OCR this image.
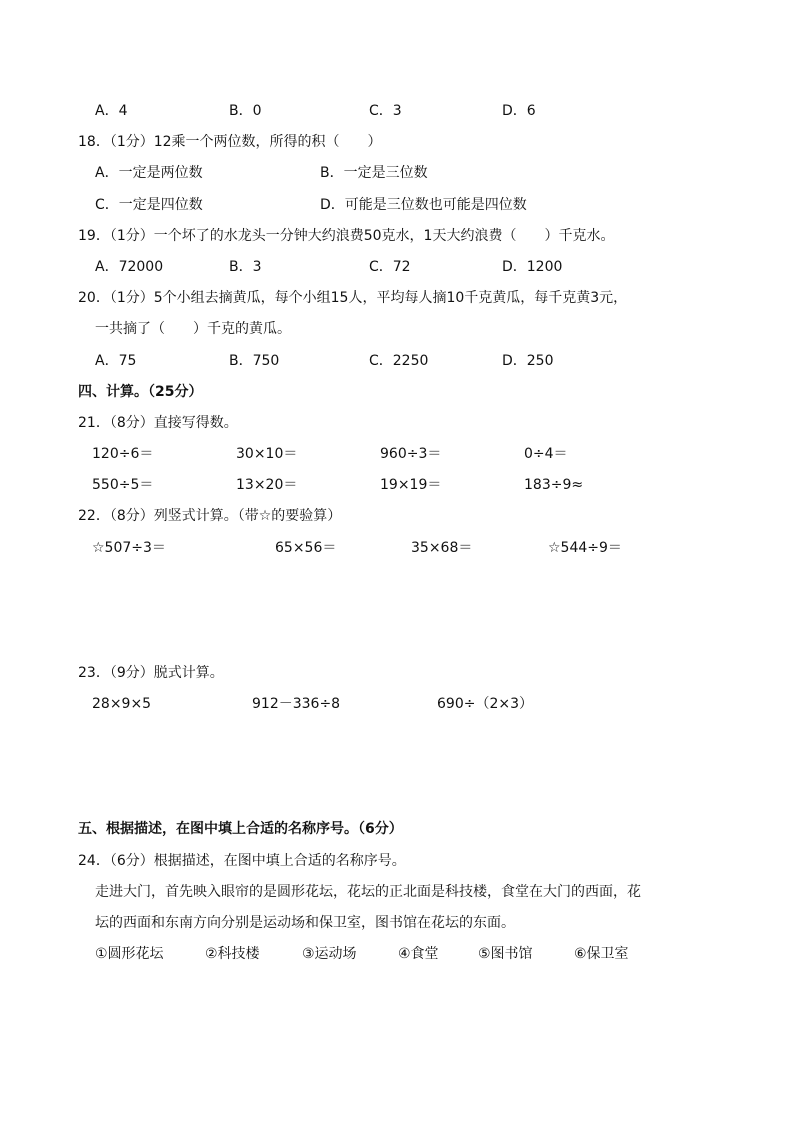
A．4	B．0	C．3	D．6
18．（1分）12乘一个两位数，所得的积（　　）
A．一定是两位数	B．一定是三位数
C．一定是四位数	D．可能是三位数也可能是四位数
19．（1分）一个坏了的水龙头一分钟大约浪费50克水，1天大约浪费（　　）千克水。
A．72000	B．3	C．72	D．1200
20．（1分）5个小组去摘黄瓜，每个小组15人，平均每人摘10千克黄瓜，每千克黄3元，
一共摘了（　　）千克的黄瓜。
A．75	B．750	C．2250	D．250
四、计算。（25分）
21．（8分）直接写得数。
120÷6＝	30×10＝	960÷3＝	0÷4＝
550÷5＝	13×20＝	19×19＝	183÷9≈
22．（8分）列竖式计算。（带☆的要验算）
☆507÷3＝	65×56＝	35×68＝	☆544÷9＝
23．（9分）脱式计算。
28×9×5	912－336÷8	690÷（2×3）
五、根据描述，在图中填上合适的名称序号。（6分）
24．（6分）根据描述，在图中填上合适的名称序号。
走进大门，首先映入眼帘的是圆形花坛，花坛的正北面是科技楼，食堂在大门的西面，花
坛的西面和东南方向分别是运动场和保卫室，图书馆在花坛的东面。
①圆形花坛	②科技楼	③运动场	④食堂	⑤图书馆	⑥保卫室
